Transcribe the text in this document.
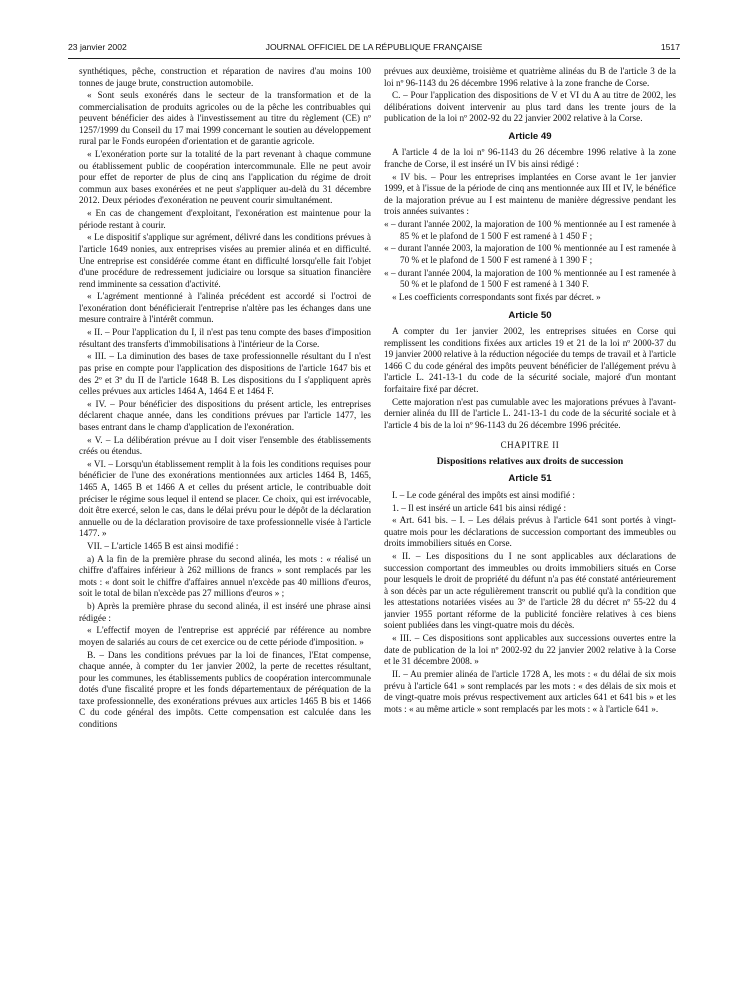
23 janvier 2002	JOURNAL OFFICIEL DE LA RÉPUBLIQUE FRANÇAISE	1517

synthétiques, pêche, construction et réparation de navires d'au moins 100 tonnes de jauge brute, construction automobile.

« Sont seuls exonérés dans le secteur de la transformation et de la commercialisation de produits agricoles ou de la pêche les contribuables qui peuvent bénéficier des aides à l'investissement au titre du règlement (CE) nº 1257/1999 du Conseil du 17 mai 1999 concernant le soutien au développement rural par le Fonds européen d'orientation et de garantie agricole.

« L'exonération porte sur la totalité de la part revenant à chaque commune ou établissement public de coopération intercommunale. Elle ne peut avoir pour effet de reporter de plus de cinq ans l'application du régime de droit commun aux bases exonérées et ne peut s'appliquer au-delà du 31 décembre 2012. Deux périodes d'exonération ne peuvent courir simultanément.

« En cas de changement d'exploitant, l'exonération est maintenue pour la période restant à courir.

« Le dispositif s'applique sur agrément, délivré dans les conditions prévues à l'article 1649 nonies, aux entreprises visées au premier alinéa et en difficulté. Une entreprise est considérée comme étant en difficulté lorsqu'elle fait l'objet d'une procédure de redressement judiciaire ou lorsque sa situation financière rend imminente sa cessation d'activité.

« L'agrément mentionné à l'alinéa précédent est accordé si l'octroi de l'exonération dont bénéficierait l'entreprise n'altère pas les échanges dans une mesure contraire à l'intérêt commun.

« II. – Pour l'application du I, il n'est pas tenu compte des bases d'imposition résultant des transferts d'immobilisations à l'intérieur de la Corse.

« III. – La diminution des bases de taxe professionnelle résultant du I n'est pas prise en compte pour l'application des dispositions de l'article 1647 bis et des 2º et 3º du II de l'article 1648 B. Les dispositions du I s'appliquent après celles prévues aux articles 1464 A, 1464 E et 1464 F.

« IV. – Pour bénéficier des dispositions du présent article, les entreprises déclarent chaque année, dans les conditions prévues par l'article 1477, les bases entrant dans le champ d'application de l'exonération.

« V. – La délibération prévue au I doit viser l'ensemble des établissements créés ou étendus.

« VI. – Lorsqu'un établissement remplit à la fois les conditions requises pour bénéficier de l'une des exonérations mentionnées aux articles 1464 B, 1465, 1465 A, 1465 B et 1466 A et celles du présent article, le contribuable doit préciser le régime sous lequel il entend se placer. Ce choix, qui est irrévocable, doit être exercé, selon le cas, dans le délai prévu pour le dépôt de la déclaration annuelle ou de la déclaration provisoire de taxe professionnelle visée à l'article 1477. »

VII. – L'article 1465 B est ainsi modifié :

a) A la fin de la première phrase du second alinéa, les mots : « réalisé un chiffre d'affaires inférieur à 262 millions de francs » sont remplacés par les mots : « dont soit le chiffre d'affaires annuel n'excède pas 40 millions d'euros, soit le total de bilan n'excède pas 27 millions d'euros » ;

b) Après la première phrase du second alinéa, il est inséré une phrase ainsi rédigée :

« L'effectif moyen de l'entreprise est apprécié par référence au nombre moyen de salariés au cours de cet exercice ou de cette période d'imposition. »

B. – Dans les conditions prévues par la loi de finances, l'Etat compense, chaque année, à compter du 1er janvier 2002, la perte de recettes résultant, pour les communes, les établissements publics de coopération intercommunale dotés d'une fiscalité propre et les fonds départementaux de péréquation de la taxe professionnelle, des exonérations prévues aux articles 1465 B bis et 1466 C du code général des impôts. Cette compensation est calculée dans les conditions

prévues aux deuxième, troisième et quatrième alinéas du B de l'article 3 de la loi nº 96-1143 du 26 décembre 1996 relative à la zone franche de Corse.

C. – Pour l'application des dispositions de V et VI du A au titre de 2002, les délibérations doivent intervenir au plus tard dans les trente jours de la publication de la loi nº 2002-92 du 22 janvier 2002 relative à la Corse.

Article 49

A l'article 4 de la loi nº 96-1143 du 26 décembre 1996 relative à la zone franche de Corse, il est inséré un IV bis ainsi rédigé :

« IV bis. – Pour les entreprises implantées en Corse avant le 1er janvier 1999, et à l'issue de la période de cinq ans mentionnée aux III et IV, le bénéfice de la majoration prévue au I est maintenu de manière dégressive pendant les trois années suivantes :

« – durant l'année 2002, la majoration de 100 % mentionnée au I est ramenée à 85 % et le plafond de 1 500 F est ramené à 1 450 F ;

« – durant l'année 2003, la majoration de 100 % mentionnée au I est ramenée à 70 % et le plafond de 1 500 F est ramené à 1 390 F ;

« – durant l'année 2004, la majoration de 100 % mentionnée au I est ramenée à 50 % et le plafond de 1 500 F est ramené à 1 340 F.

« Les coefficients correspondants sont fixés par décret. »

Article 50

A compter du 1er janvier 2002, les entreprises situées en Corse qui remplissent les conditions fixées aux articles 19 et 21 de la loi nº 2000-37 du 19 janvier 2000 relative à la réduction négociée du temps de travail et à l'article 1466 C du code général des impôts peuvent bénéficier de l'allégement prévu à l'article L. 241-13-1 du code de la sécurité sociale, majoré d'un montant forfaitaire fixé par décret.

Cette majoration n'est pas cumulable avec les majorations prévues à l'avant-dernier alinéa du III de l'article L. 241-13-1 du code de la sécurité sociale et à l'article 4 bis de la loi nº 96-1143 du 26 décembre 1996 précitée.

CHAPITRE II
Dispositions relatives aux droits de succession
Article 51

I. – Le code général des impôts est ainsi modifié :

1. – Il est inséré un article 641 bis ainsi rédigé :

« Art. 641 bis. – I. – Les délais prévus à l'article 641 sont portés à vingt-quatre mois pour les déclarations de succession comportant des immeubles ou droits immobiliers situés en Corse.

« II. – Les dispositions du I ne sont applicables aux déclarations de succession comportant des immeubles ou droits immobiliers situés en Corse pour lesquels le droit de propriété du défunt n'a pas été constaté antérieurement à son décès par un acte régulièrement transcrit ou publié qu'à la condition que les attestations notariées visées au 3º de l'article 28 du décret nº 55-22 du 4 janvier 1955 portant réforme de la publicité foncière relatives à ces biens soient publiées dans les vingt-quatre mois du décès.

« III. – Ces dispositions sont applicables aux successions ouvertes entre la date de publication de la loi nº 2002-92 du 22 janvier 2002 relative à la Corse et le 31 décembre 2008. »

II. – Au premier alinéa de l'article 1728 A, les mots : « du délai de six mois prévu à l'article 641 » sont remplacés par les mots : « des délais de six mois et de vingt-quatre mois prévus respectivement aux articles 641 et 641 bis » et les mots : « au même article » sont remplacés par les mots : « à l'article 641 ».
